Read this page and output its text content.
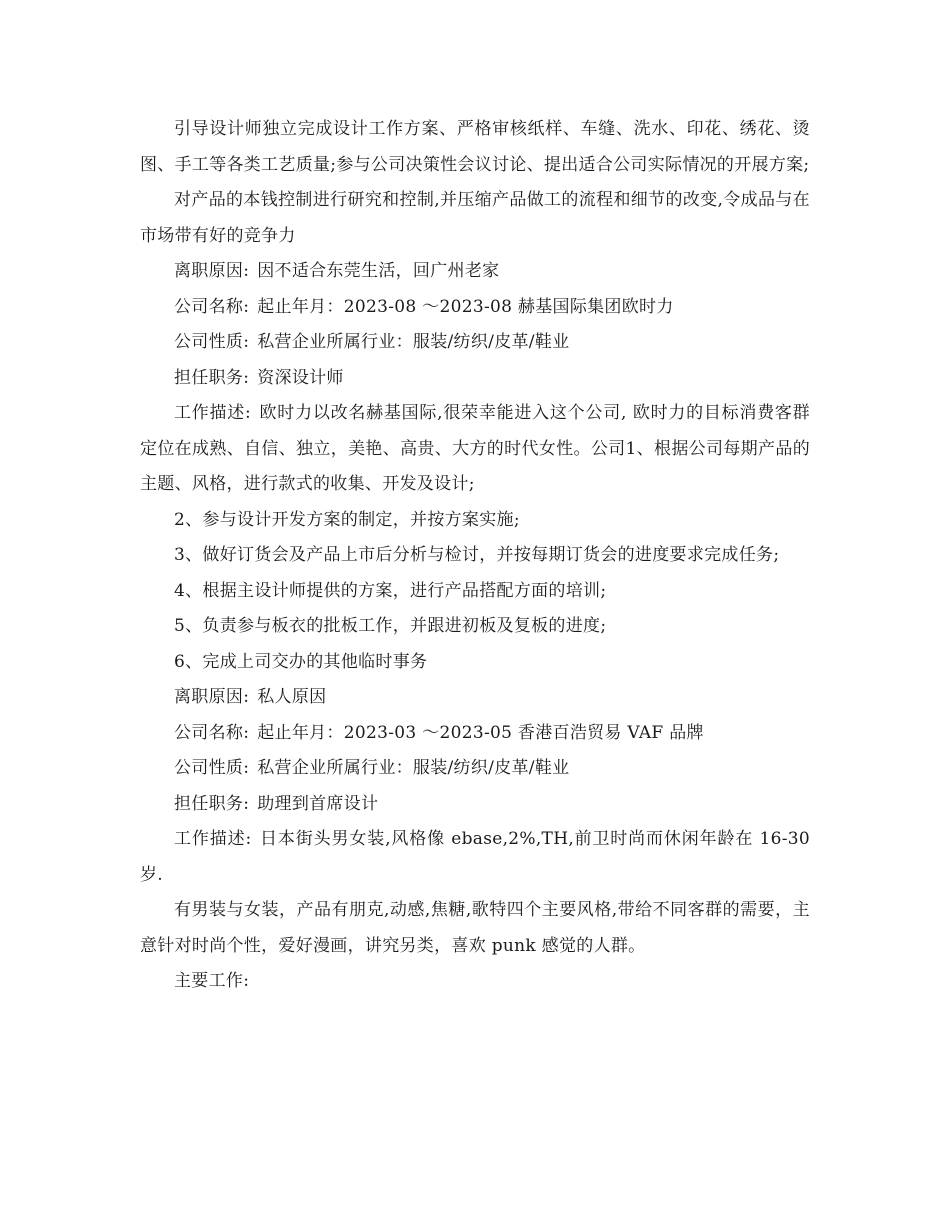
引导设计师独立完成设计工作方案、严格审核纸样、车缝、洗水、印花、绣花、烫图、手工等各类工艺质量;参与公司决策性会议讨论、提出适合公司实际情况的开展方案;

对产品的本钱控制进行研究和控制,并压缩产品做工的流程和细节的改变,令成品与在市场带有好的竞争力

离职原因: 因不适合东莞生活，回广州老家

公司名称: 起止年月：2023-08 ～2023-08 赫基国际集团欧时力

公司性质: 私营企业所属行业：服装/纺织/皮革/鞋业

担任职务: 资深设计师

工作描述: 欧时力以改名赫基国际,很荣幸能进入这个公司, 欧时力的目标消费客群定位在成熟、自信、独立，美艳、高贵、大方的时代女性。公司1、根据公司每期产品的主题、风格，进行款式的收集、开发及设计;

2、参与设计开发方案的制定，并按方案实施;

3、做好订货会及产品上市后分析与检讨，并按每期订货会的进度要求完成任务;

4、根据主设计师提供的方案，进行产品搭配方面的培训;

5、负责参与板衣的批板工作，并跟进初板及复板的进度;

6、完成上司交办的其他临时事务

离职原因: 私人原因

公司名称: 起止年月：2023-03 ～2023-05 香港百浩贸易 VAF 品牌

公司性质: 私营企业所属行业：服装/纺织/皮革/鞋业

担任职务: 助理到首席设计

工作描述: 日本街头男女装,风格像 ebase,2%,TH,前卫时尚而休闲年龄在 16-30 岁.

有男装与女装，产品有朋克,动感,焦糖,歌特四个主要风格,带给不同客群的需要，主意针对时尚个性，爱好漫画，讲究另类，喜欢 punk 感觉的人群。

主要工作:
